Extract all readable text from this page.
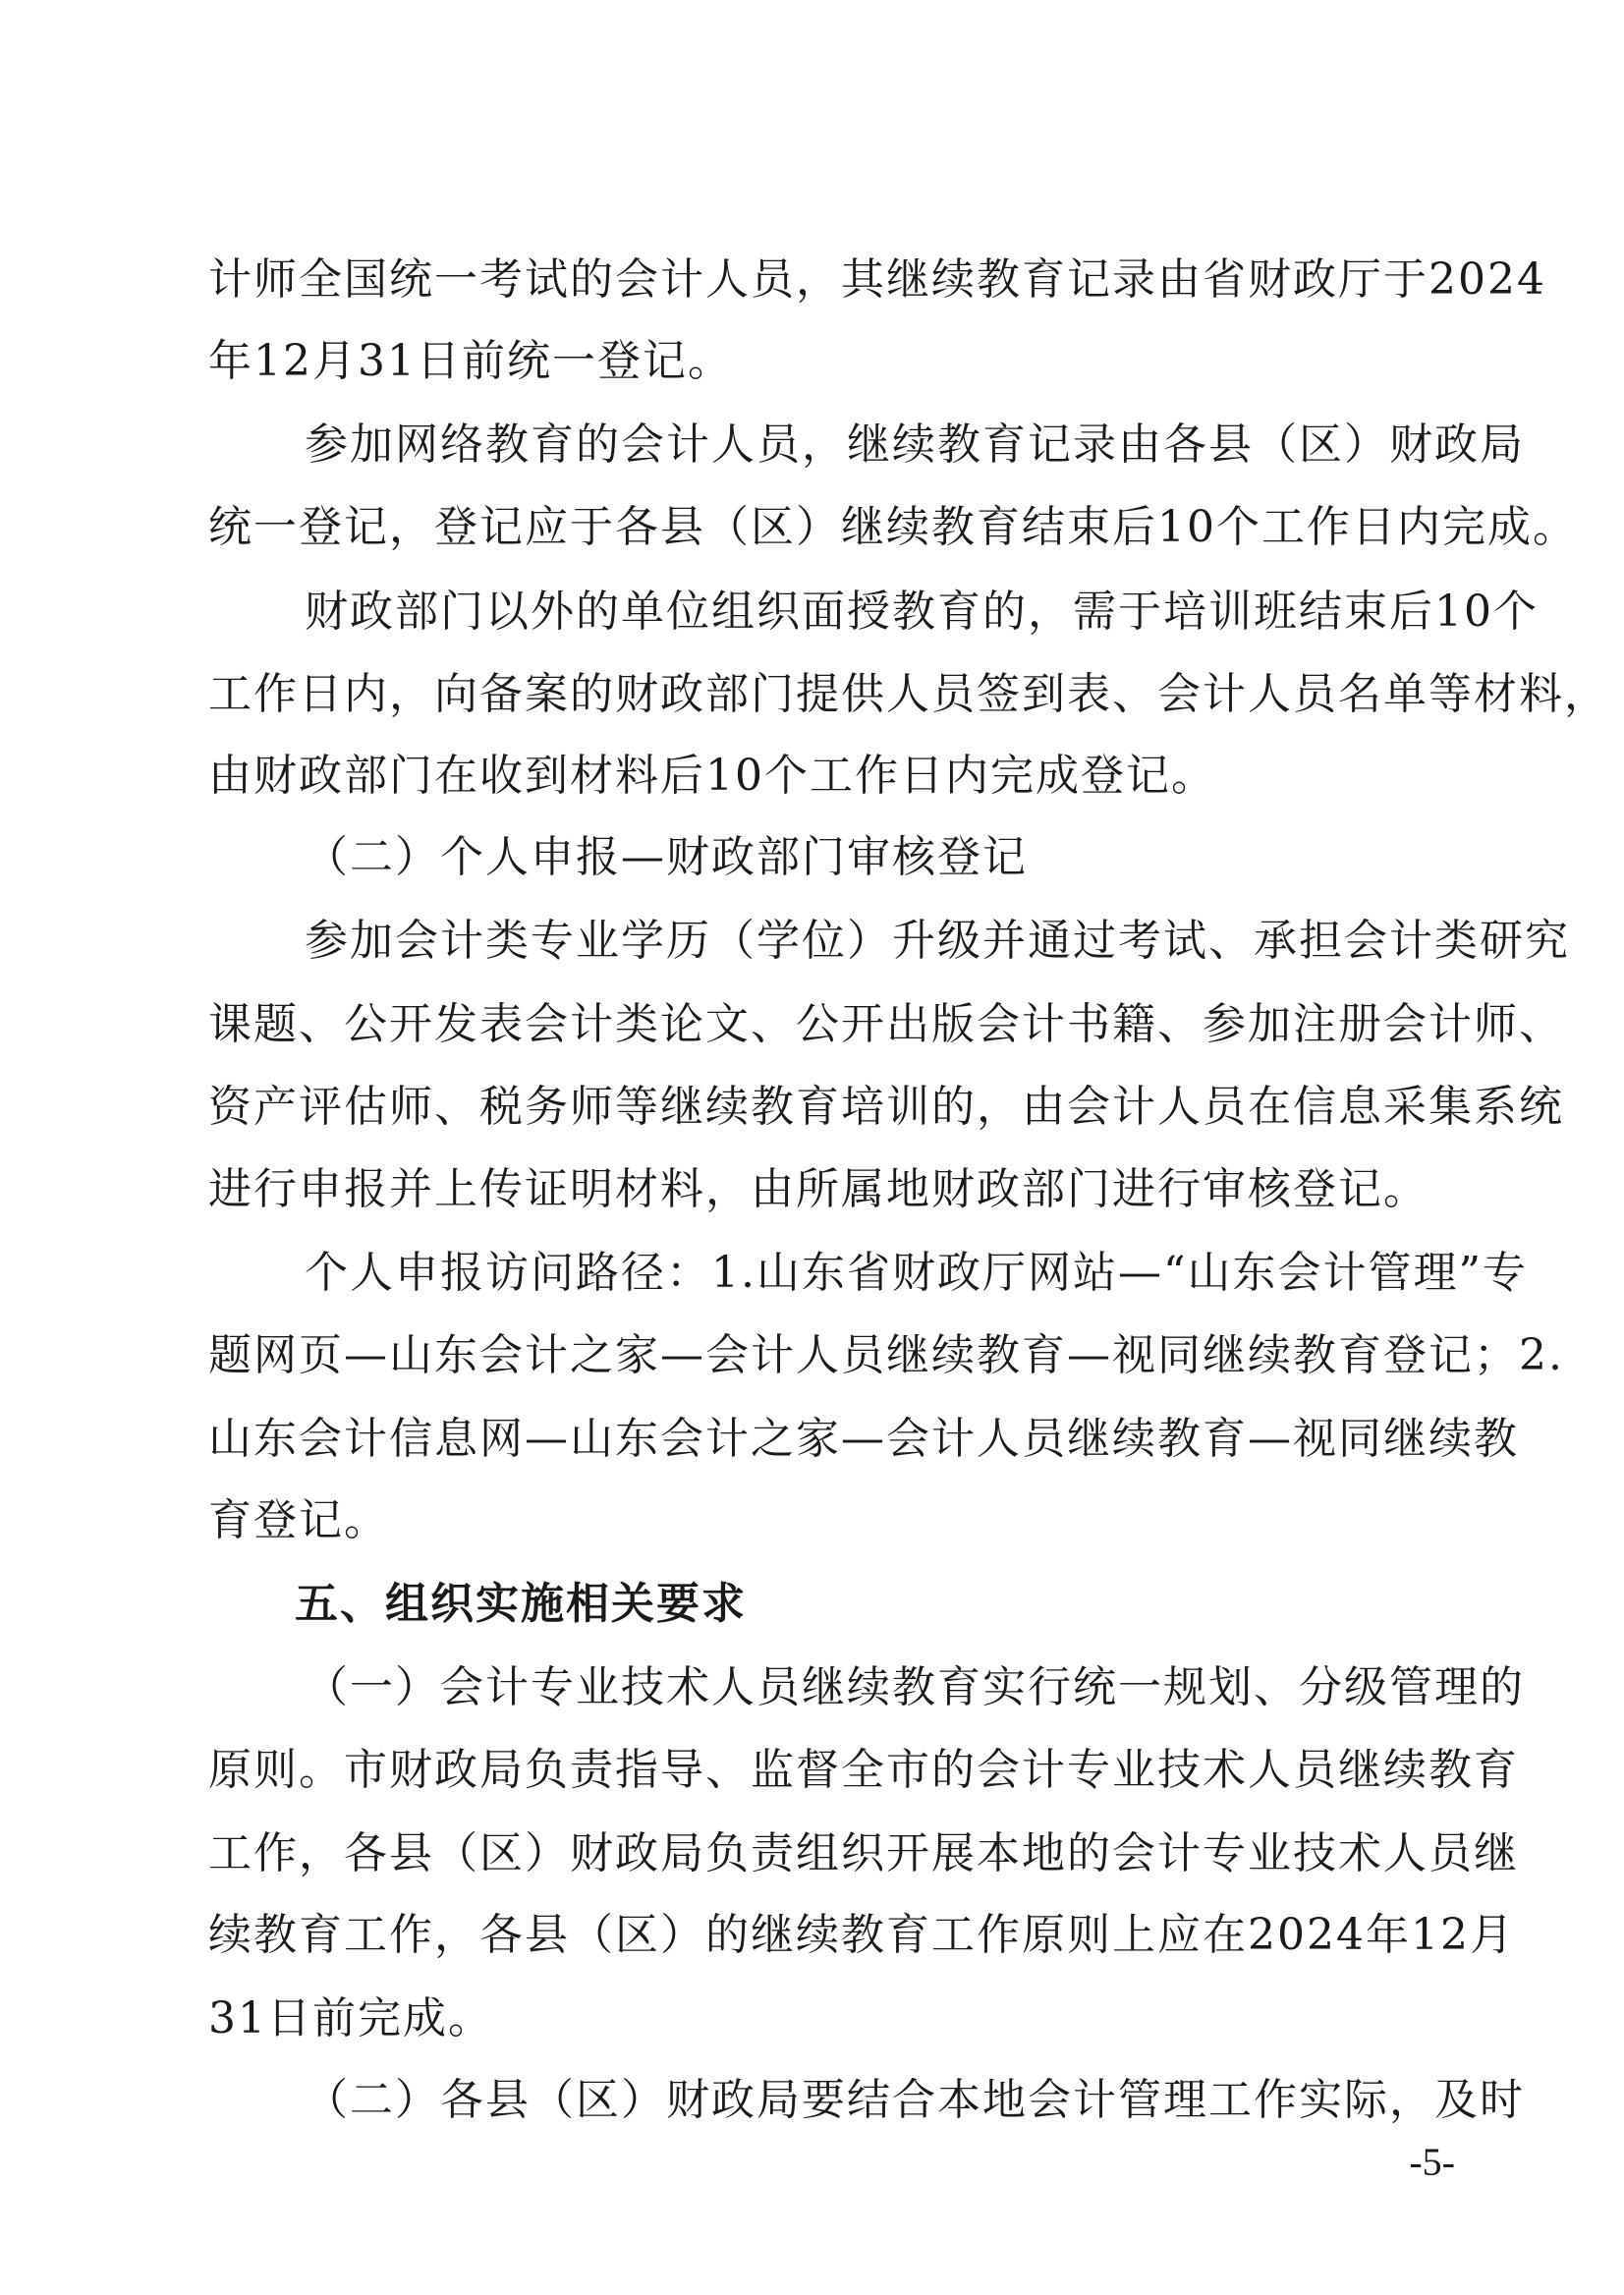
计师全国统一考试的会计人员，其继续教育记录由省财政厅于2024
年12月31日前统一登记。
参加网络教育的会计人员，继续教育记录由各县（区）财政局
统一登记，登记应于各县（区）继续教育结束后10个工作日内完成。
财政部门以外的单位组织面授教育的，需于培训班结束后10个
工作日内，向备案的财政部门提供人员签到表、会计人员名单等材料，
由财政部门在收到材料后10个工作日内完成登记。
（二）个人申报—财政部门审核登记
参加会计类专业学历（学位）升级并通过考试、承担会计类研究
课题、公开发表会计类论文、公开出版会计书籍、参加注册会计师、
资产评估师、税务师等继续教育培训的，由会计人员在信息采集系统
进行申报并上传证明材料，由所属地财政部门进行审核登记。
个人申报访问路径：1.山东省财政厅网站—“山东会计管理”专
题网页—山东会计之家—会计人员继续教育—视同继续教育登记；2.
山东会计信息网—山东会计之家—会计人员继续教育—视同继续教
育登记。
五、组织实施相关要求
（一）会计专业技术人员继续教育实行统一规划、分级管理的
原则。市财政局负责指导、监督全市的会计专业技术人员继续教育
工作，各县（区）财政局负责组织开展本地的会计专业技术人员继
续教育工作，各县（区）的继续教育工作原则上应在2024年12月
31日前完成。
（二）各县（区）财政局要结合本地会计管理工作实际，及时
-5-
